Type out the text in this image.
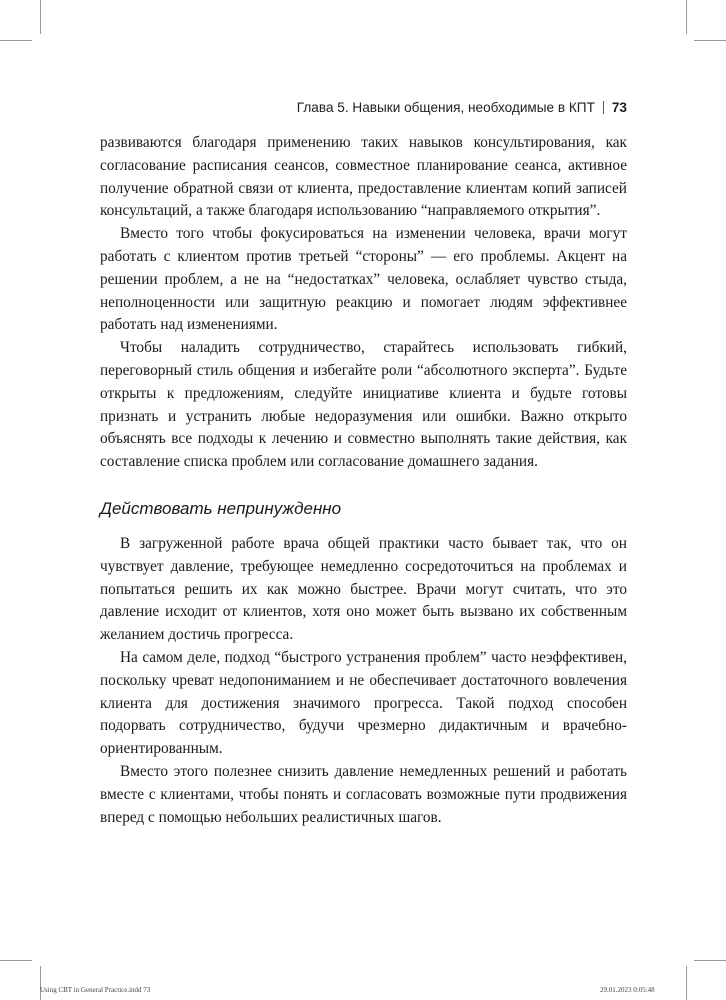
Глава 5. Навыки общения, необходимые в КПТ 73

развиваются благодаря применению таких навыков консультирования, как согласование расписания сеансов, совместное планирование сеанса, активное получение обратной связи от клиента, предоставление клиентам копий записей консультаций, а также благодаря использованию “направляемого открытия”.

Вместо того чтобы фокусироваться на изменении человека, врачи могут работать с клиентом против третьей “стороны” — его проблемы. Акцент на решении проблем, а не на “недостатках” человека, ослабляет чувство стыда, неполноценности или защитную реакцию и помогает людям эффективнее работать над изменениями.

Чтобы наладить сотрудничество, старайтесь использовать гибкий, переговорный стиль общения и избегайте роли “абсолютного эксперта”. Будьте открыты к предложениям, следуйте инициативе клиента и будьте готовы признать и устранить любые недоразумения или ошибки. Важно открыто объяснять все подходы к лечению и совместно выполнять такие действия, как составление списка проблем или согласование домашнего задания.

Действовать непринужденно

В загруженной работе врача общей практики часто бывает так, что он чувствует давление, требующее немедленно сосредоточиться на проблемах и попытаться решить их как можно быстрее. Врачи могут считать, что это давление исходит от клиентов, хотя оно может быть вызвано их собственным желанием достичь прогресса.

На самом деле, подход “быстрого устранения проблем” часто неэффективен, поскольку чреват недопониманием и не обеспечивает достаточного вовлечения клиента для достижения значимого прогресса. Такой подход способен подорвать сотрудничество, будучи чрезмерно дидактичным и врачебно-ориентированным.

Вместо этого полезнее снизить давление немедленных решений и работать вместе с клиентами, чтобы понять и согласовать возможные пути продвижения вперед с помощью небольших реалистичных шагов.

Using CBT in General Practice.indd 73	29.01.2023 0:05:48
